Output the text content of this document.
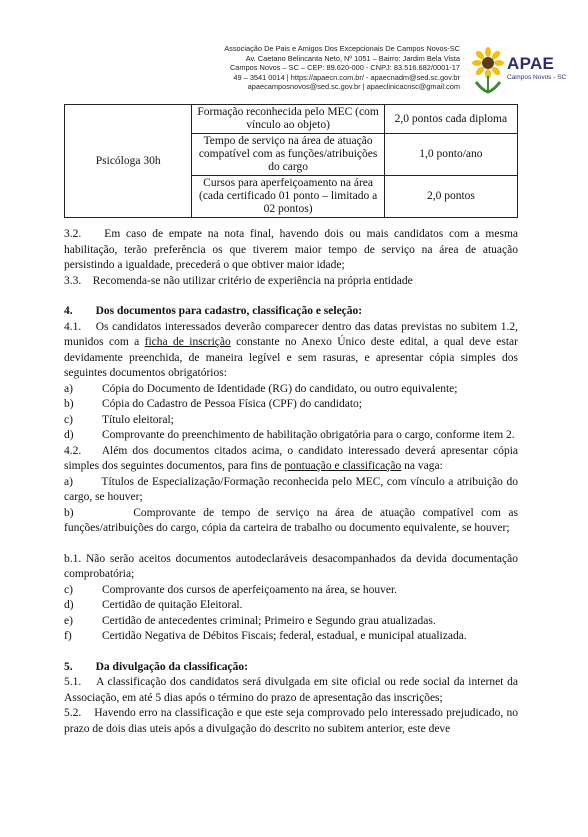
Associação De Pais e Amigos Dos Excepcionais De Campos Novos-SC
Av. Caetano Belincanta Neto, Nº 1051 – Bairro: Jardim Bela Vista
Campos Novos – SC – CEP: 89.620-000 - CNPJ: 83.516.682/0001-17
49 – 3541 0014 | https://apaecn.com.br/ - apaecnadm@sed.sc.gov.br
apaecamposnovos@sed.sc.gov.br | apaeclinicacnsc@gmail.com
APAE
Campos Novos - SC
Psicóloga 30h	Formação reconhecida pelo MEC (com vínculo ao objeto)	2,0 pontos cada diploma
	Tempo de serviço na área de atuação compatível com as funções/atribuições do cargo	1,0 ponto/ano
	Cursos para aperfeiçoamento na área (cada certificado 01 ponto – limitado a 02 pontos)	2,0 pontos

3.2.    Em caso de empate na nota final, havendo dois ou mais candidatos com a mesma habilitação, terão preferência os que tiverem maior tempo de serviço na área de atuação persistindo a igualdade, precederá o que obtiver maior idade;

3.3.    Recomenda-se não utilizar critério de experiência na própria entidade

4.        Dos documentos para cadastro, classificação e seleção:

4.1.    Os candidatos interessados deverão comparecer dentro das datas previstas no subitem 1.2, munidos com a ficha de inscrição constante no Anexo Único deste edital, a qual deve estar devidamente preenchida, de maneira legível e sem rasuras, e apresentar cópia simples dos seguintes documentos obrigatórios:

a)	Cópia do Documento de Identidade (RG) do candidato, ou outro equivalente;
b)	Cópia do Cadastro de Pessoa Física (CPF) do candidato;
c)	Título eleitoral;
d)	Comprovante do preenchimento de habilitação obrigatória para o cargo, conforme item 2.

4.2.    Além dos documentos citados acima, o candidato interessado deverá apresentar cópia simples dos seguintes documentos, para fins de pontuação e classificação na vaga:

a)        Títulos de Especialização/Formação reconhecida pelo MEC, com vínculo a atribuição do cargo, se houver;

b)        Comprovante de tempo de serviço na área de atuação compatível com as funções/atribuições do cargo, cópia da carteira de trabalho ou documento equivalente, se houver;

b.1. Não serão aceitos documentos autodeclaráveis desacompanhados da devida documentação comprobatória;

c)	Comprovante dos cursos de aperfeiçoamento na área, se houver.
d)	Certidão de quitação Eleitoral.
e)	Certidão de antecedentes criminal; Primeiro e Segundo grau atualizadas.
f)	Certidão Negativa de Débitos Fiscais; federal, estadual, e municipal atualizada.

5.        Da divulgação da classificação:

5.1.    A classificação dos candidatos será divulgada em site oficial ou rede social da internet da Associação, em até 5 dias após o término do prazo de apresentação das inscrições;

5.2.    Havendo erro na classificação e que este seja comprovado pelo interessado prejudicado, no prazo de dois dias uteis após a divulgação do descrito no subitem anterior, este deve
